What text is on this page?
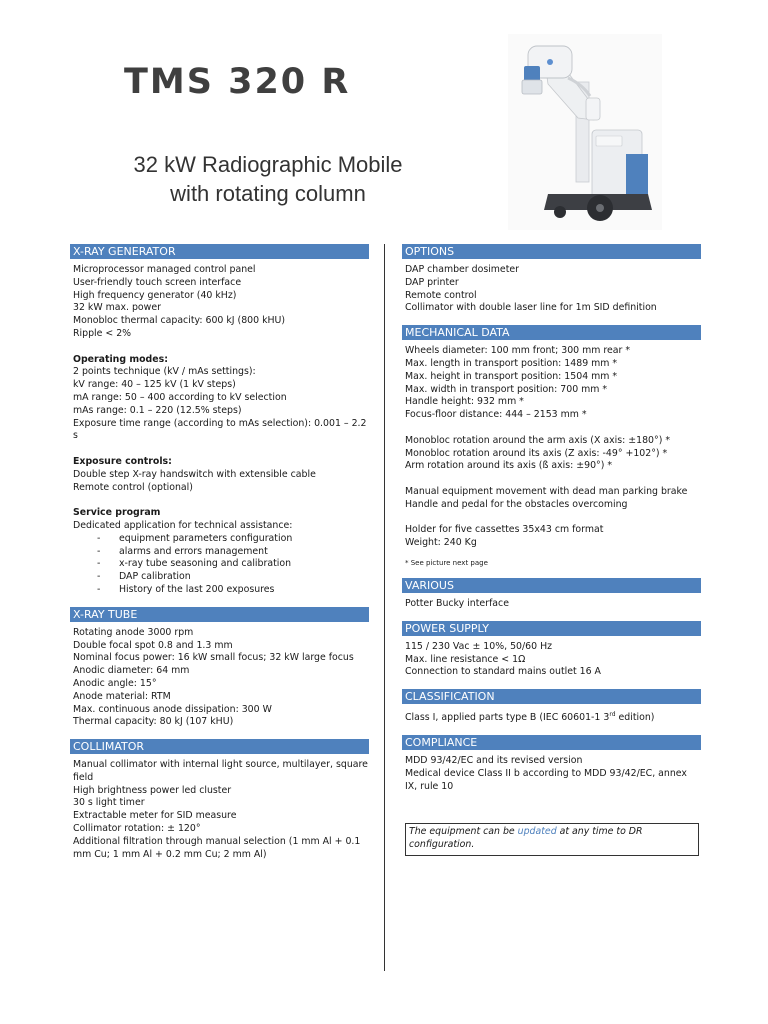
TMS 320 R
32 kW Radiographic Mobile
with rotating column
X-RAY GENERATOR

Microprocessor managed control panel

User-friendly touch screen interface

High frequency generator (40 kHz)

32 kW max. power

Monobloc thermal capacity: 600 kJ (800 kHU)

Ripple < 2%

Operating modes:

2 points technique (kV / mAs settings):

kV range: 40 – 125 kV (1 kV steps)

mA range: 50 – 400 according to kV selection

mAs range: 0.1 – 220 (12.5% steps)

Exposure time range (according to mAs selection): 0.001 – 2.2 s

Exposure controls:

Double step X-ray handswitch with extensible cable

Remote control (optional)

Service program

Dedicated application for technical assistance:

- equipment parameters configuration
- alarms and errors management
- x-ray tube seasoning and calibration
- DAP calibration
- History of the last 200 exposures
X-RAY TUBE

Rotating anode 3000 rpm

Double focal spot 0.8 and 1.3 mm

Nominal focus power: 16 kW small focus; 32 kW large focus

Anodic diameter: 64 mm

Anodic angle: 15°

Anode material: RTM

Max. continuous anode dissipation: 300 W

Thermal capacity: 80 kJ (107 kHU)

COLLIMATOR

Manual collimator with internal light source, multilayer, square field

High brightness power led cluster

30 s light timer

Extractable meter for SID measure

Collimator rotation: ± 120°

Additional filtration through manual selection (1 mm Al + 0.1 mm Cu; 1 mm Al + 0.2 mm Cu; 2 mm Al)

OPTIONS

DAP chamber dosimeter

DAP printer

Remote control

Collimator with double laser line for 1m SID definition

MECHANICAL DATA

Wheels diameter: 100 mm front; 300 mm rear *

Max. length in transport position: 1489 mm *

Max. height in transport position: 1504 mm *

Max. width in transport position: 700 mm *

Handle height: 932 mm *

Focus-floor distance: 444 – 2153 mm *

Monobloc rotation around the arm axis (X axis: ±180°) *

Monobloc rotation around its axis (Z axis: -49° +102°) *

Arm rotation around its axis (ß axis: ±90°) *

Manual equipment movement with dead man parking brake

Handle and pedal for the obstacles overcoming

Holder for five cassettes 35x43 cm format

Weight: 240 Kg

* See picture next page

VARIOUS

Potter Bucky interface

POWER SUPPLY

115 / 230 Vac ± 10%, 50/60 Hz

Max. line resistance < 1Ω

Connection to standard mains outlet 16 A

CLASSIFICATION

Class I, applied parts type B (IEC 60601-1 3rd edition)

COMPLIANCE

MDD 93/42/EC and its revised version

Medical device Class II b according to MDD 93/42/EC, annex IX, rule 10

The equipment can be updated at any time to DR configuration.
